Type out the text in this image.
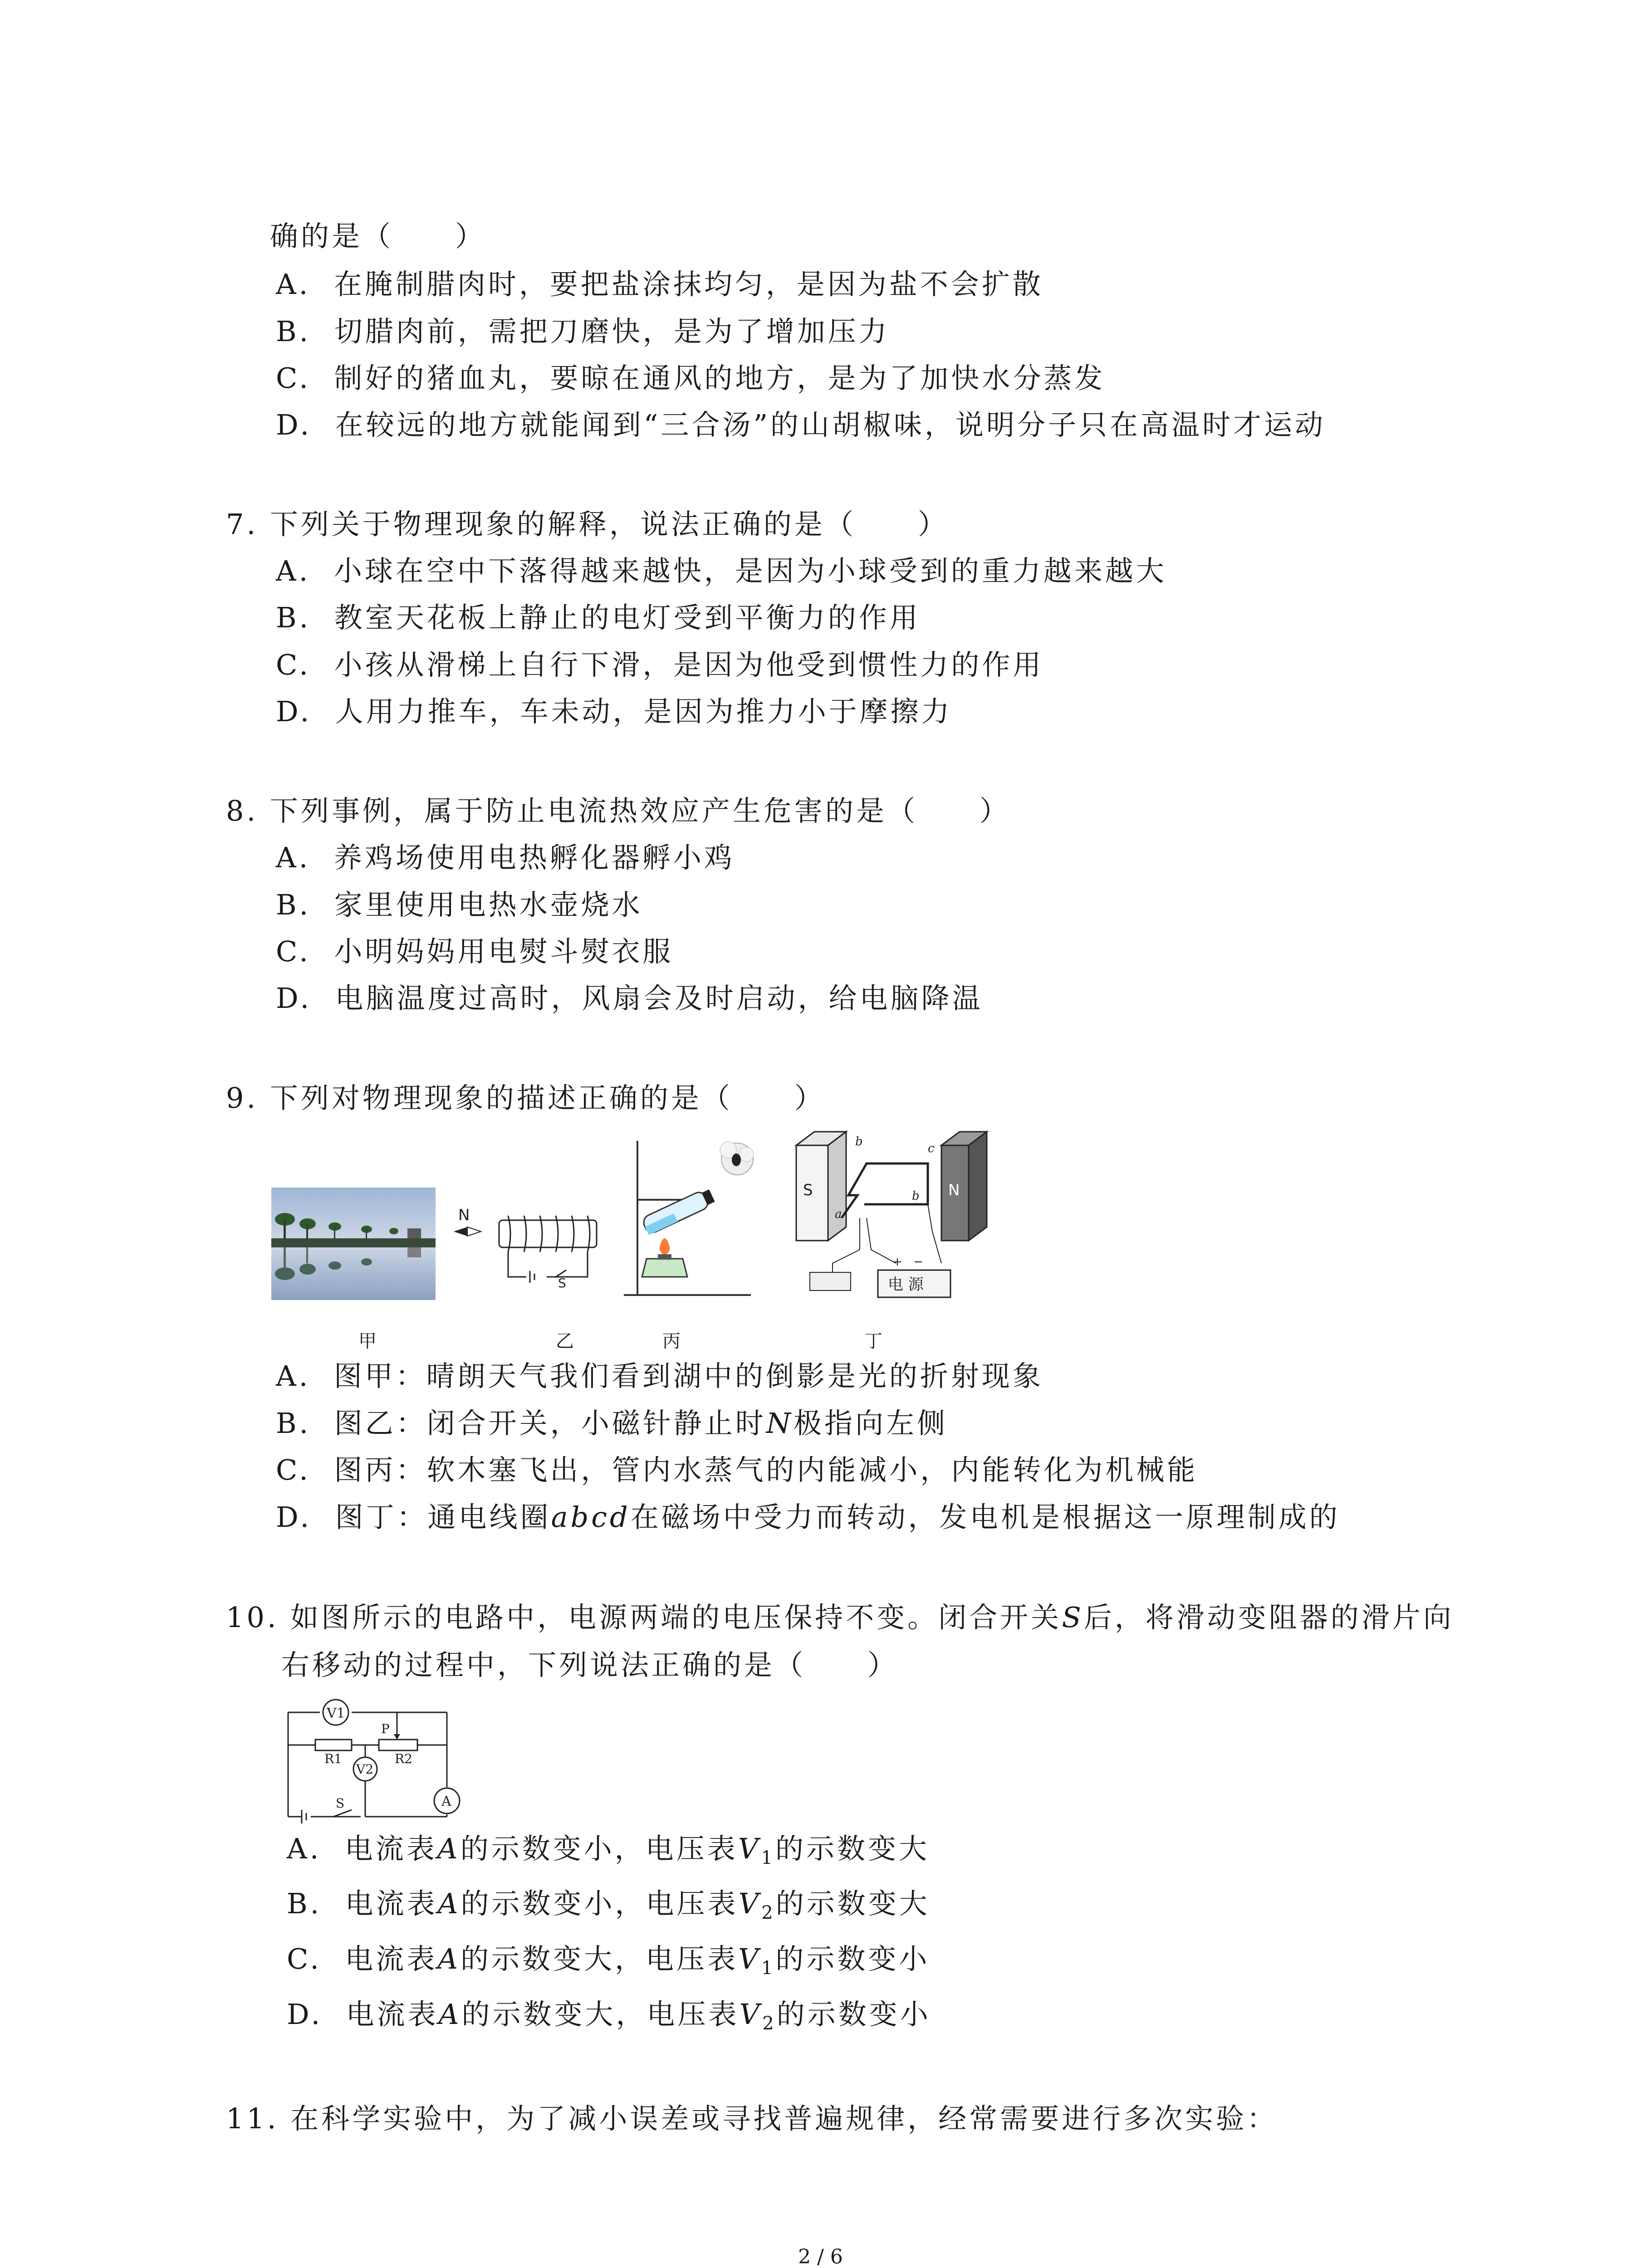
确的是（　　）
A. 在腌制腊肉时，要把盐涂抹均匀，是因为盐不会扩散
B. 切腊肉前，需把刀磨快，是为了增加压力
C. 制好的猪血丸，要晾在通风的地方，是为了加快水分蒸发
D. 在较远的地方就能闻到“三合汤”的山胡椒味，说明分子只在高温时才运动
7. 下列关于物理现象的解释，说法正确的是（　　）
A. 小球在空中下落得越来越快，是因为小球受到的重力越来越大
B. 教室天花板上静止的电灯受到平衡力的作用
C. 小孩从滑梯上自行下滑，是因为他受到惯性力的作用
D. 人用力推车，车未动，是因为推力小于摩擦力
8. 下列事例，属于防止电流热效应产生危害的是（　　）
A. 养鸡场使用电热孵化器孵小鸡
B. 家里使用电热水壶烧水
C. 小明妈妈用电熨斗熨衣服
D. 电脑温度过高时，风扇会及时启动，给电脑降温
9. 下列对物理现象的描述正确的是（　　）
N
S
S	N
电 源
+ −
b	c
a
b
甲	乙	丙	丁
A. 图甲：晴朗天气我们看到湖中的倒影是光的折射现象
B. 图乙：闭合开关，小磁针静止时N极指向左侧
C. 图丙：软木塞飞出，管内水蒸气的内能减小，内能转化为机械能
D. 图丁：通电线圈abcd在磁场中受力而转动，发电机是根据这一原理制成的
10. 如图所示的电路中，电源两端的电压保持不变。闭合开关S后，将滑动变阻器的滑片向
右移动的过程中，下列说法正确的是（　　）
V1
V2
A
P
R1	R2
S
A. 电流表A的示数变小，电压表$V_1$的示数变大
B. 电流表A的示数变小，电压表$V_2$的示数变大
C. 电流表A的示数变大，电压表$V_1$的示数变小
D. 电流表A的示数变大，电压表$V_2$的示数变小
11. 在科学实验中，为了减小误差或寻找普遍规律，经常需要进行多次实验：
2 / 6
